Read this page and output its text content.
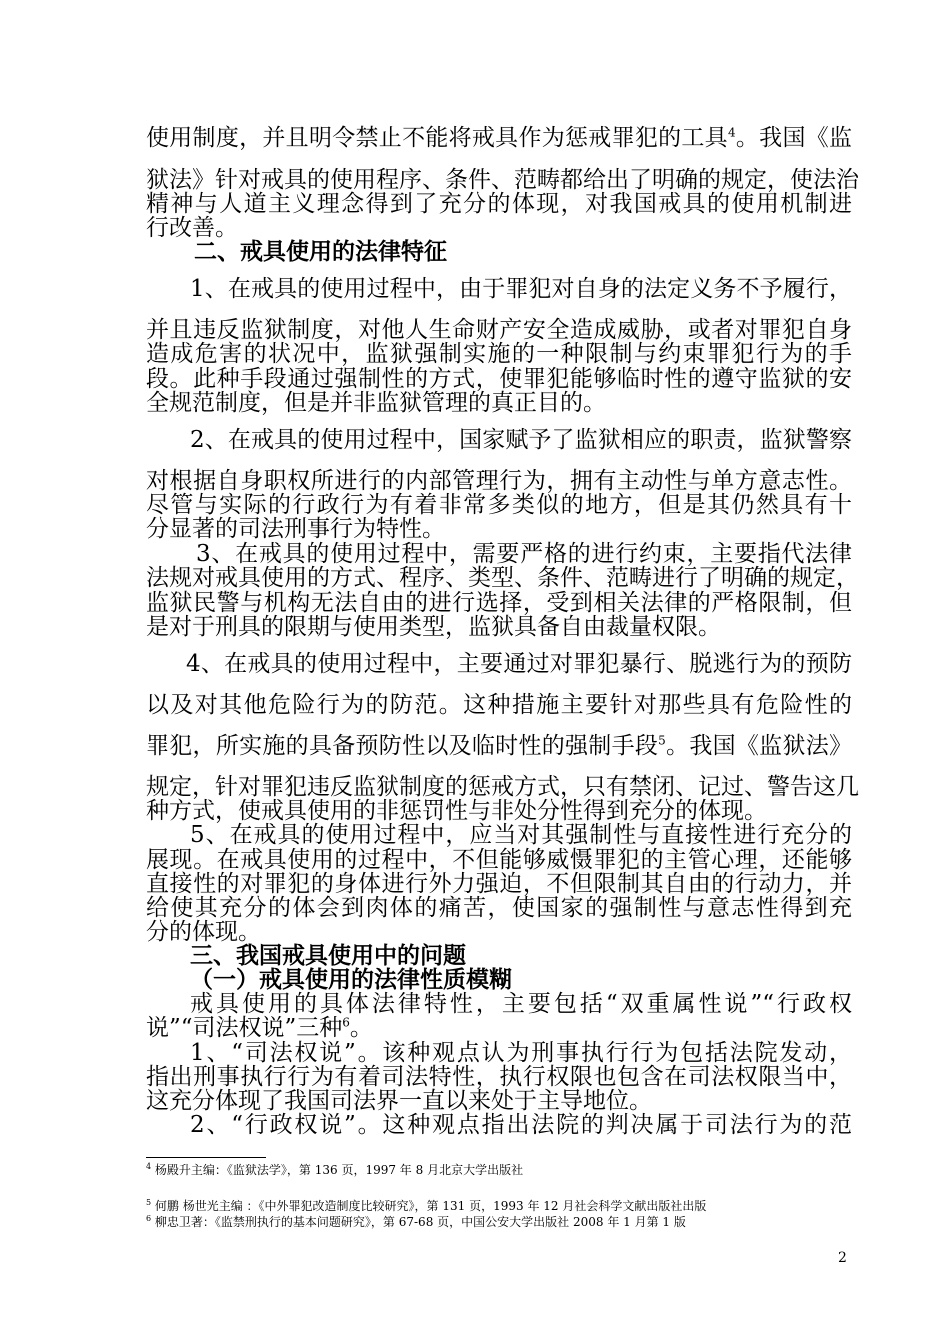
使用制度，并且明令禁止不能将戒具作为惩戒罪犯的工具$^4$。我国《监
狱法》针对戒具的使用程序、条件、范畴都给出了明确的规定，使法治
精神与人道主义理念得到了充分的体现，对我国戒具的使用机制进
行改善。
二、戒具使用的法律特征
1、在戒具的使用过程中，由于罪犯对自身的法定义务不予履行，
并且违反监狱制度，对他人生命财产安全造成威胁，或者对罪犯自身
造成危害的状况中，监狱强制实施的一种限制与约束罪犯行为的手
段。此种手段通过强制性的方式，使罪犯能够临时性的遵守监狱的安
全规范制度，但是并非监狱管理的真正目的。
2、在戒具的使用过程中，国家赋予了监狱相应的职责，监狱警察
对根据自身职权所进行的内部管理行为，拥有主动性与单方意志性。
尽管与实际的行政行为有着非常多类似的地方，但是其仍然具有十
分显著的司法刑事行为特性。
3、在戒具的使用过程中，需要严格的进行约束，主要指代法律
法规对戒具使用的方式、程序、类型、条件、范畴进行了明确的规定，
监狱民警与机构无法自由的进行选择，受到相关法律的严格限制，但
是对于刑具的限期与使用类型，监狱具备自由裁量权限。
4、在戒具的使用过程中，主要通过对罪犯暴行、脱逃行为的预防
以及对其他危险行为的防范。这种措施主要针对那些具有危险性的
罪犯，所实施的具备预防性以及临时性的强制手段$^5$。我国《监狱法》
规定，针对罪犯违反监狱制度的惩戒方式，只有禁闭、记过、警告这几
种方式，使戒具使用的非惩罚性与非处分性得到充分的体现。
5、在戒具的使用过程中，应当对其强制性与直接性进行充分的
展现。在戒具使用的过程中，不但能够威慑罪犯的主管心理，还能够
直接性的对罪犯的身体进行外力强迫，不但限制其自由的行动力，并
给使其充分的体会到肉体的痛苦，使国家的强制性与意志性得到充
分的体现。
三、我国戒具使用中的问题
（一）戒具使用的法律性质模糊
戒具使用的具体法律特性，主要包括“双重属性说”“行政权
说”“司法权说”三种$^6$。
1、“司法权说”。该种观点认为刑事执行行为包括法院发动，
指出刑事执行行为有着司法特性，执行权限也包含在司法权限当中，
这充分体现了我国司法界一直以来处于主导地位。
2、“行政权说”。这种观点指出法院的判决属于司法行为的范
$^4$ 杨殿升主编：《监狱法学》，第 136 页，1997 年 8 月北京大学出版社
$^5$ 何鹏 杨世光主编 ：《中外罪犯改造制度比较研究》，第 131 页，1993 年 12 月社会科学文献出版社出版
$^6$ 柳忠卫著：《监禁刑执行的基本问题研究》，第 67-68 页，中国公安大学出版社 2008 年 1 月第 1 版
2
